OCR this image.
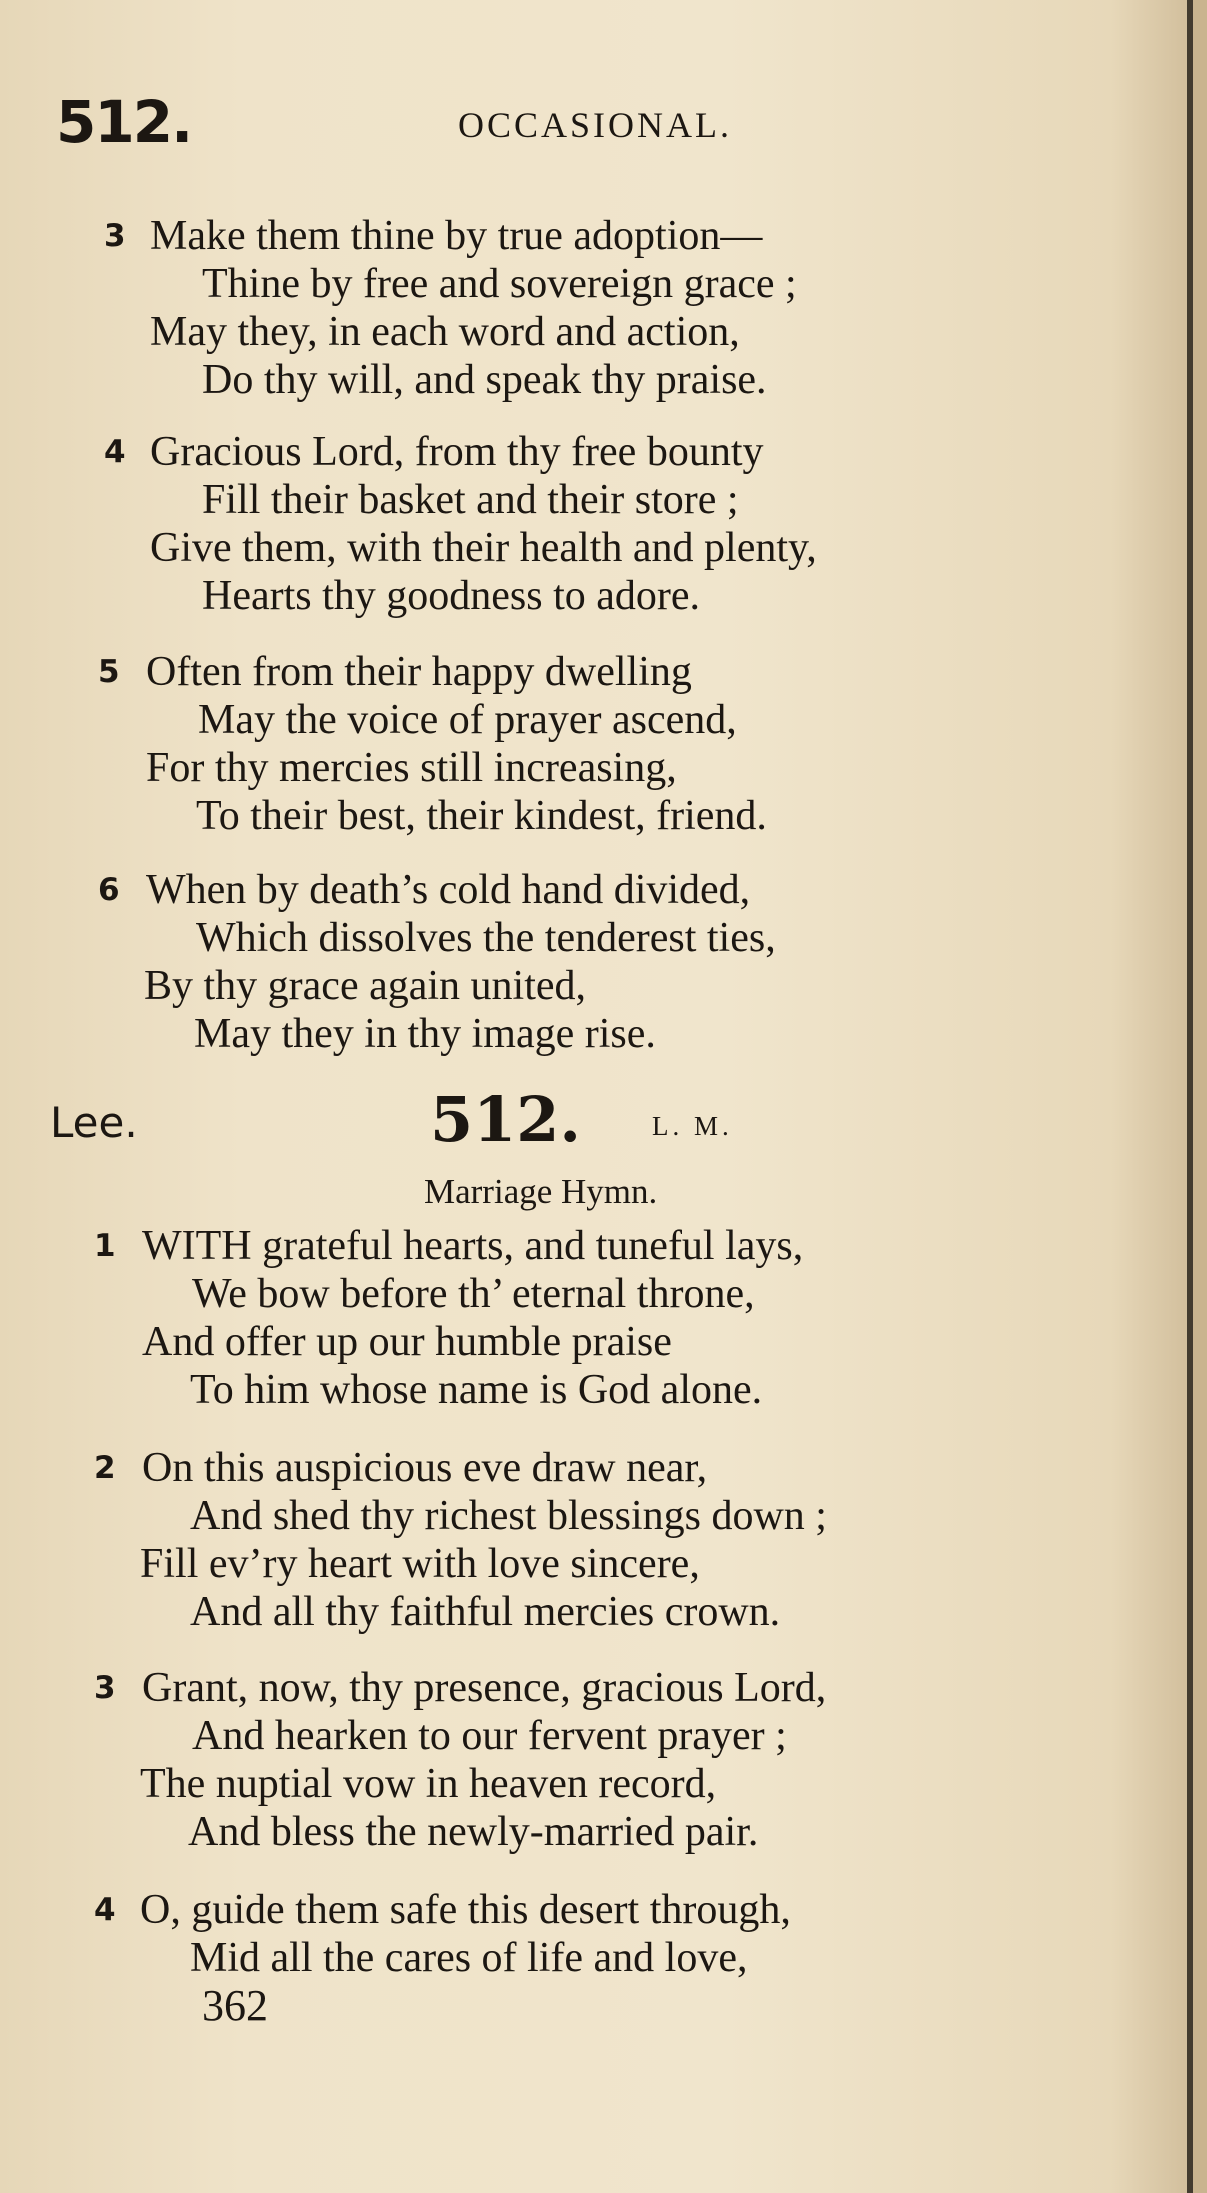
512.	OCCASIONAL.
3 Make them thine by true adoption—
Thine by free and sovereign grace ;
May they, in each word and action,
Do thy will, and speak thy praise.
4 Gracious Lord, from thy free bounty
Fill their basket and their store ;
Give them, with their health and plenty,
Hearts thy goodness to adore.
5 Often from their happy dwelling
May the voice of prayer ascend,
For thy mercies still increasing,
To their best, their kindest, friend.
6 When by death’s cold hand divided,
Which dissolves the tenderest ties,
By thy grace again united,
May they in thy image rise.
Lee.	512.	L. M.
Marriage Hymn.
1 WITH grateful hearts, and tuneful lays,
We bow before th’ eternal throne,
And offer up our humble praise
To him whose name is God alone.
2 On this auspicious eve draw near,
And shed thy richest blessings down ;
Fill ev’ry heart with love sincere,
And all thy faithful mercies crown.
3 Grant, now, thy presence, gracious Lord,
And hearken to our fervent prayer ;
The nuptial vow in heaven record,
And bless the newly-married pair.
4 O, guide them safe this desert through,
Mid all the cares of life and love,
362
